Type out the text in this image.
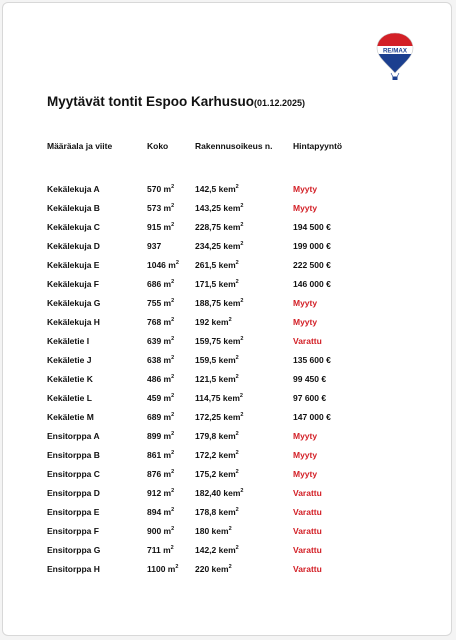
RE/MAX
Myytävät tontit Espoo Karhusuo(01.12.2025)
Määräala ja viite	Koko	Rakennusoikeus n.	Hintapyyntö
Kekälekuja A	570 $m^2$	142,5 kem$^2$	Myyty
Kekälekuja B	573 $m^2$	143,25 kem$^2$	Myyty
Kekälekuja C	915 $m^2$	228,75 kem$^2$	194 500 €
Kekälekuja D	937	234,25 kem$^2$	199 000 €
Kekälekuja E	1046 $m^2$	261,5 kem$^2$	222 500 €
Kekälekuja F	686 $m^2$	171,5 kem$^2$	146 000 €
Kekälekuja G	755 $m^2$	188,75 kem$^2$	Myyty
Kekälekuja H	768 $m^2$	192 kem$^2$	Myyty
Kekäletie I	639 $m^2$	159,75 kem$^2$	Varattu
Kekäletie J	638 $m^2$	159,5 kem$^2$	135 600 €
Kekäletie K	486 $m^2$	121,5 kem$^2$	99 450 €
Kekäletie L	459 $m^2$	114,75 kem$^2$	97 600 €
Kekäletie M	689 $m^2$	172,25 kem$^2$	147 000 €
Ensitorppa A	899 $m^2$	179,8 kem$^2$	Myyty
Ensitorppa B	861 $m^2$	172,2 kem$^2$	Myyty
Ensitorppa C	876 $m^2$	175,2 kem$^2$	Myyty
Ensitorppa D	912 $m^2$	182,40 kem$^2$	Varattu
Ensitorppa E	894 $m^2$	178,8 kem$^2$	Varattu
Ensitorppa F	900 $m^2$	180 kem$^2$	Varattu
Ensitorppa G	711 $m^2$	142,2 kem$^2$	Varattu
Ensitorppa H	1100 $m^2$	220 kem$^2$	Varattu
